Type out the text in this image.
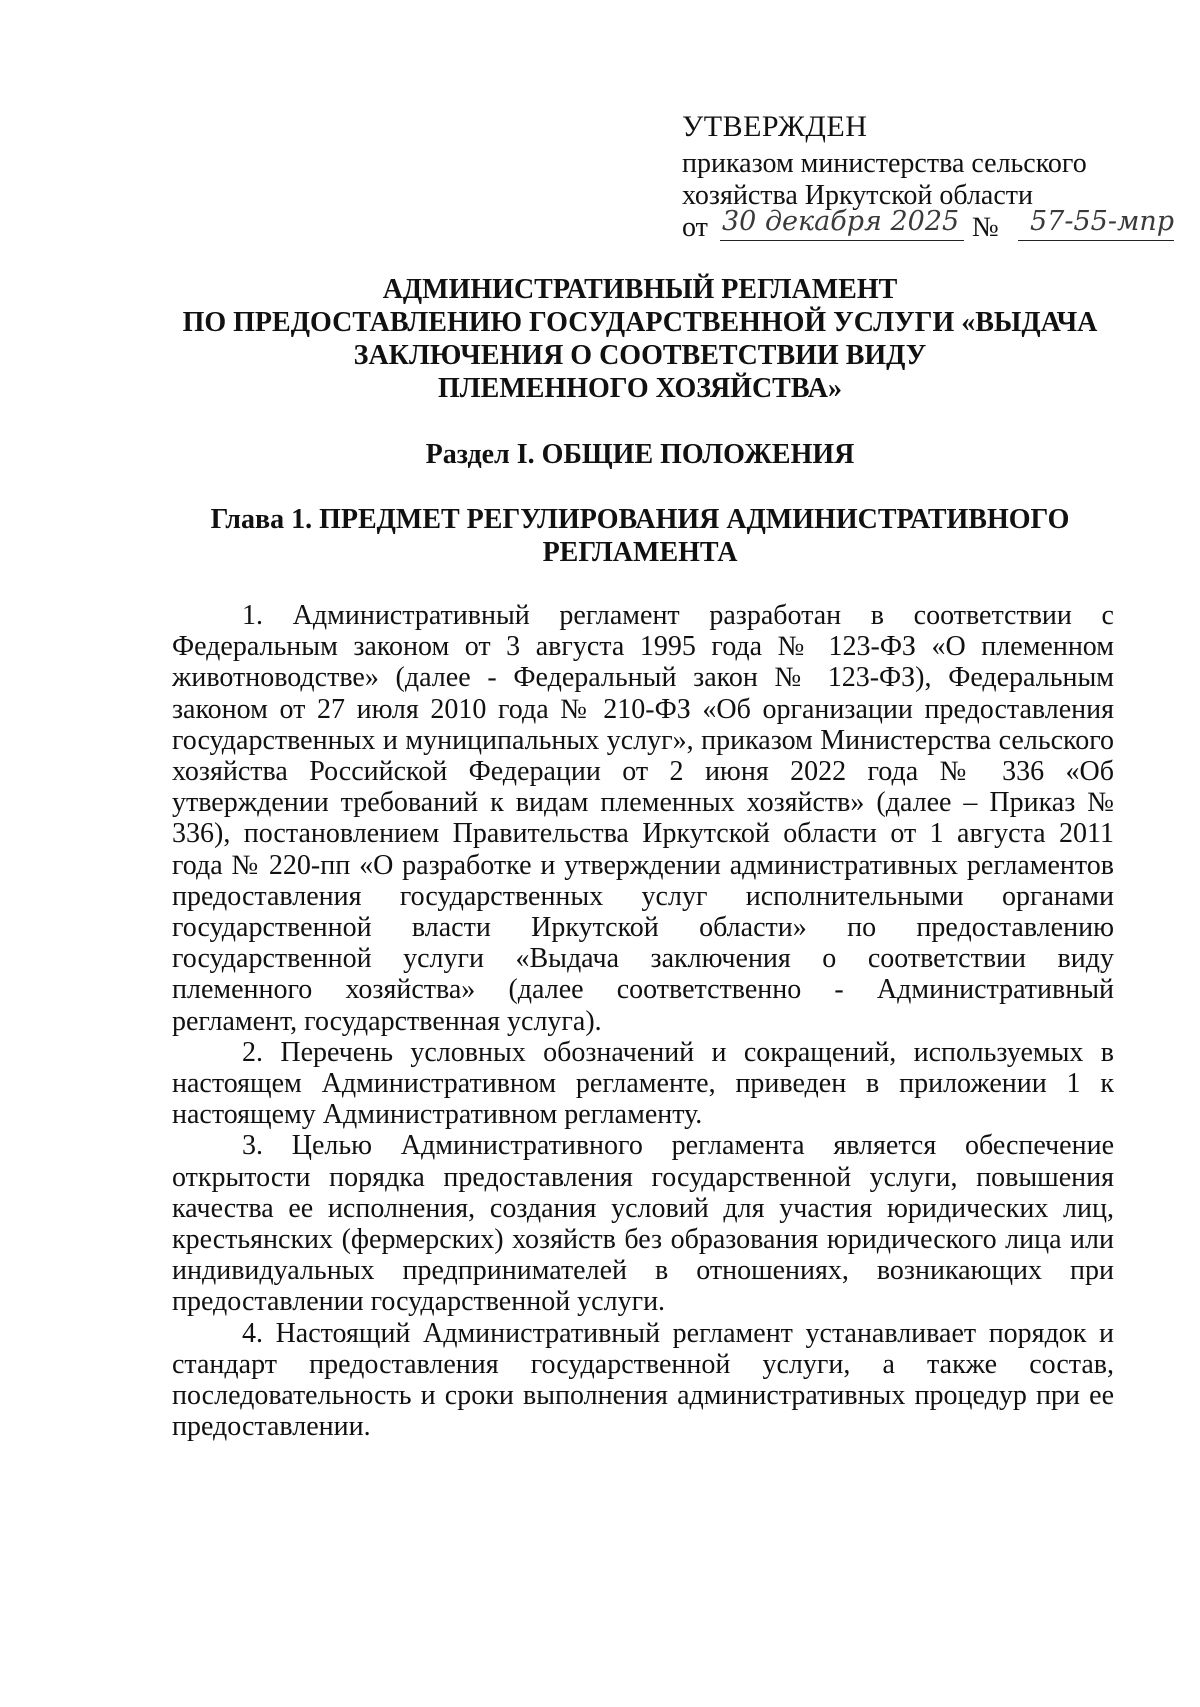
УТВЕРЖДЕН
приказом министерства сельского
хозяйства Иркутской области
от 30 декабря 2025 № 57-55-мпр
АДМИНИСТРАТИВНЫЙ РЕГЛАМЕНТ
ПО ПРЕДОСТАВЛЕНИЮ ГОСУДАРСТВЕННОЙ УСЛУГИ «ВЫДАЧА
ЗАКЛЮЧЕНИЯ О СООТВЕТСТВИИ ВИДУ
ПЛЕМЕННОГО ХОЗЯЙСТВА»
Раздел I. ОБЩИЕ ПОЛОЖЕНИЯ
Глава 1. ПРЕДМЕТ РЕГУЛИРОВАНИЯ АДМИНИСТРАТИВНОГО
РЕГЛАМЕНТА

1. Административный регламент разработан в соответствии с Федеральным законом от 3 августа 1995 года № 123-ФЗ «О племенном животноводстве» (далее - Федеральный закон № 123-ФЗ), Федеральным законом от 27 июля 2010 года № 210-ФЗ «Об организации предоставления государственных и муниципальных услуг», приказом Министерства сельского хозяйства Российской Федерации от 2 июня 2022 года № 336 «Об утверждении требований к видам племенных хозяйств» (далее – Приказ № 336), постановлением Правительства Иркутской области от 1 августа 2011 года № 220-пп «О разработке и утверждении административных регламентов предоставления государственных услуг исполнительными органами государственной власти Иркутской области» по предоставлению государственной услуги «Выдача заключения о соответствии виду племенного хозяйства» (далее соответственно - Административный регламент, государственная услуга).

2. Перечень условных обозначений и сокращений, используемых в настоящем Административном регламенте, приведен в приложении 1 к настоящему Административном регламенту.

3. Целью Административного регламента является обеспечение открытости порядка предоставления государственной услуги, повышения качества ее исполнения, создания условий для участия юридических лиц, крестьянских (фермерских) хозяйств без образования юридического лица или индивидуальных предпринимателей в отношениях, возникающих при предоставлении государственной услуги.

4. Настоящий Административный регламент устанавливает порядок и стандарт предоставления государственной услуги, а также состав, последовательность и сроки выполнения административных процедур при ее предоставлении.
